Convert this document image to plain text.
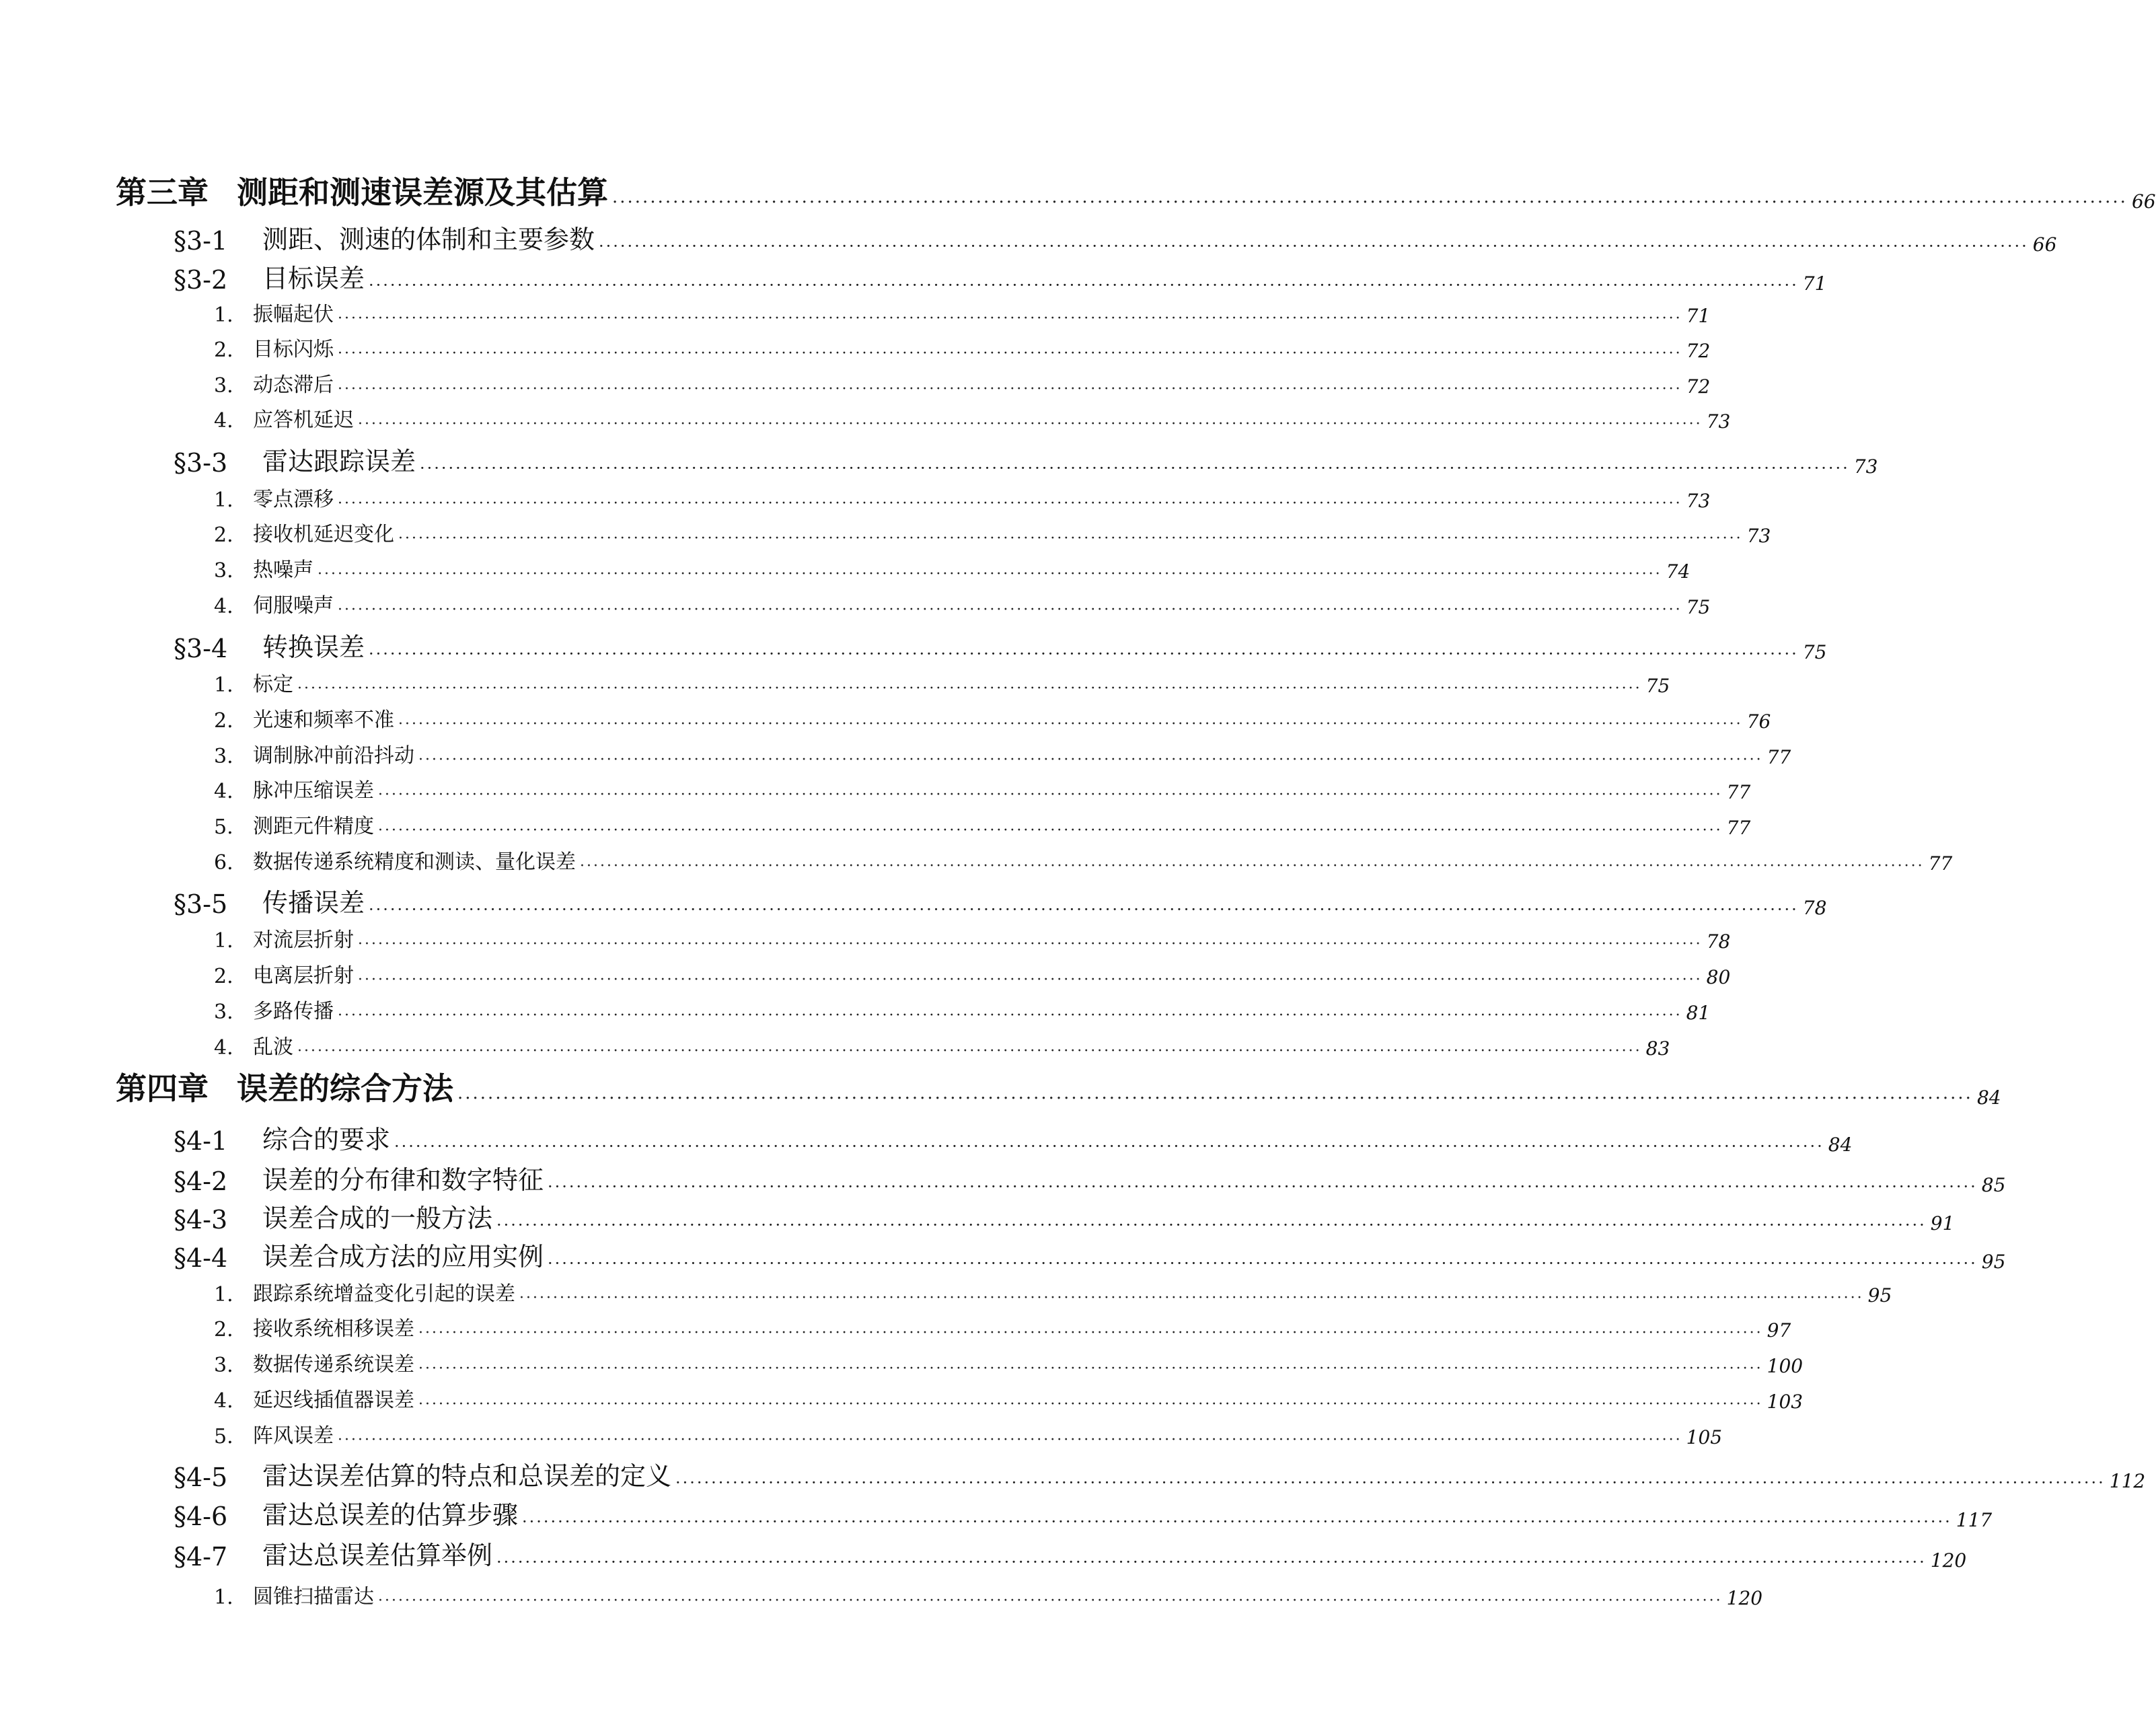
第三章 测距和测速误差源及其估算 ········································································································································································································ 66
§3-1	测距、测速的体制和主要参数 ········································································································································································································ 66
§3-2	目标误差 ········································································································································································································ 71
1. 振幅起伏 ········································································································································································································ 71
2. 目标闪烁 ········································································································································································································ 72
3. 动态滞后 ········································································································································································································ 72
4. 应答机延迟 ········································································································································································································ 73
§3-3	雷达跟踪误差 ········································································································································································································ 73
1. 零点漂移 ········································································································································································································ 73
2. 接收机延迟变化 ········································································································································································································ 73
3. 热噪声 ········································································································································································································ 74
4. 伺服噪声 ········································································································································································································ 75
§3-4	转换误差 ········································································································································································································ 75
1. 标定 ········································································································································································································ 75
2. 光速和频率不准 ········································································································································································································ 76
3. 调制脉冲前沿抖动 ········································································································································································································ 77
4. 脉冲压缩误差 ········································································································································································································ 77
5. 测距元件精度 ········································································································································································································ 77
6. 数据传递系统精度和测读、量化误差 ········································································································································································································ 77
§3-5	传播误差 ········································································································································································································ 78
1. 对流层折射 ········································································································································································································ 78
2. 电离层折射 ········································································································································································································ 80
3. 多路传播 ········································································································································································································ 81
4. 乱波 ········································································································································································································ 83
第四章 误差的综合方法 ········································································································································································································ 84
§4-1	综合的要求 ········································································································································································································ 84
§4-2	误差的分布律和数字特征 ········································································································································································································ 85
§4-3	误差合成的一般方法 ········································································································································································································ 91
§4-4	误差合成方法的应用实例 ········································································································································································································ 95
1. 跟踪系统增益变化引起的误差 ········································································································································································································ 95
2. 接收系统相移误差 ········································································································································································································ 97
3. 数据传递系统误差 ········································································································································································································ 100
4. 延迟线插值器误差 ········································································································································································································ 103
5. 阵风误差 ········································································································································································································ 105
§4-5	雷达误差估算的特点和总误差的定义 ········································································································································································································ 112
§4-6	雷达总误差的估算步骤 ········································································································································································································ 117
§4-7	雷达总误差估算举例 ········································································································································································································ 120
1. 圆锥扫描雷达 ········································································································································································································ 120
